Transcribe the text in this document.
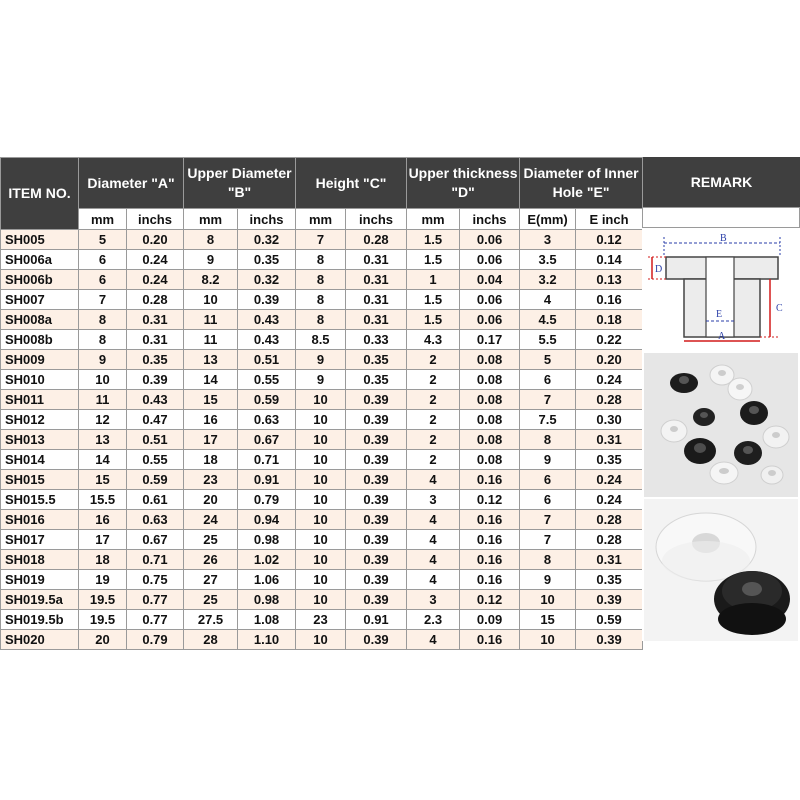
ITEM NO.	Diameter "A"		Upper Diameter "B"		Height "C"		Upper thickness "D"		Diameter of Inner Hole "E"	
	mm	inchs	mm	inchs	mm	inchs	mm	inchs	E(mm)	E inch
SH005	5	0.20	8	0.32	7	0.28	1.5	0.06	3	0.12
SH006a	6	0.24	9	0.35	8	0.31	1.5	0.06	3.5	0.14
SH006b	6	0.24	8.2	0.32	8	0.31	1	0.04	3.2	0.13
SH007	7	0.28	10	0.39	8	0.31	1.5	0.06	4	0.16
SH008a	8	0.31	11	0.43	8	0.31	1.5	0.06	4.5	0.18
SH008b	8	0.31	11	0.43	8.5	0.33	4.3	0.17	5.5	0.22
SH009	9	0.35	13	0.51	9	0.35	2	0.08	5	0.20
SH010	10	0.39	14	0.55	9	0.35	2	0.08	6	0.24
SH011	11	0.43	15	0.59	10	0.39	2	0.08	7	0.28
SH012	12	0.47	16	0.63	10	0.39	2	0.08	7.5	0.30
SH013	13	0.51	17	0.67	10	0.39	2	0.08	8	0.31
SH014	14	0.55	18	0.71	10	0.39	2	0.08	9	0.35
SH015	15	0.59	23	0.91	10	0.39	4	0.16	6	0.24
SH015.5	15.5	0.61	20	0.79	10	0.39	3	0.12	6	0.24
SH016	16	0.63	24	0.94	10	0.39	4	0.16	7	0.28
SH017	17	0.67	25	0.98	10	0.39	4	0.16	7	0.28
SH018	18	0.71	26	1.02	10	0.39	4	0.16	8	0.31
SH019	19	0.75	27	1.06	10	0.39	4	0.16	9	0.35
SH019.5a	19.5	0.77	25	0.98	10	0.39	3	0.12	10	0.39
SH019.5b	19.5	0.77	27.5	1.08	23	0.91	2.3	0.09	15	0.59
SH020	20	0.79	28	1.10	10	0.39	4	0.16	10	0.39
REMARK
B
D
C
E
A
